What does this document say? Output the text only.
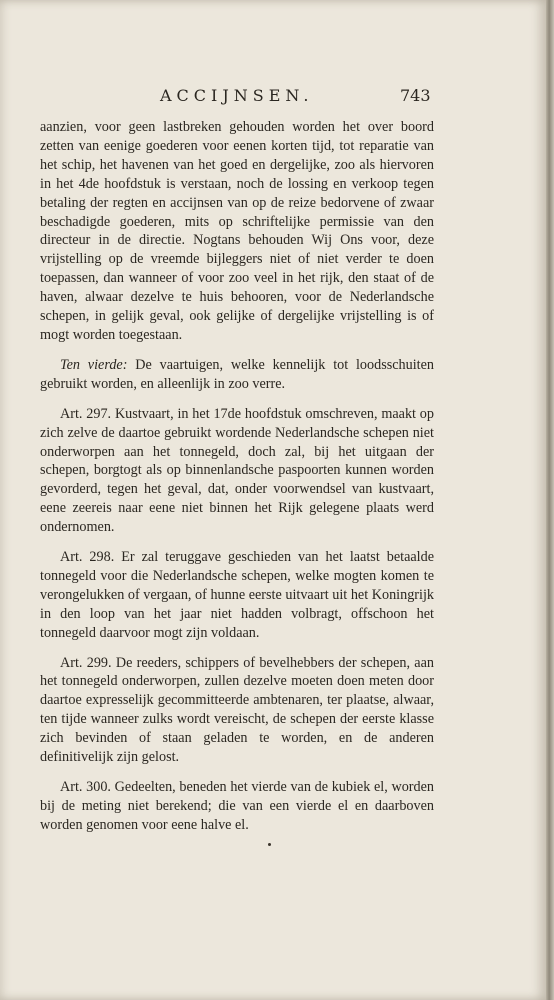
ACCIJNSEN.	743

aanzien, voor geen lastbreken gehouden worden het over boord zetten van eenige goederen voor eenen korten tijd, tot reparatie van het schip, het havenen van het goed en dergelijke, zoo als hiervoren in het 4de hoofdstuk is verstaan, noch de lossing en verkoop tegen betaling der regten en accijnsen van op de reize bedorvene of zwaar beschadigde goederen, mits op schriftelijke permissie van den directeur in de directie. Nogtans behouden Wij Ons voor, deze vrijstelling op de vreemde bijleggers niet of niet verder te doen toepassen, dan wanneer of voor zoo veel in het rijk, den staat of de haven, alwaar dezelve te huis behooren, voor de Nederlandsche schepen, in gelijk geval, ook gelijke of dergelijke vrijstelling is of mogt worden toegestaan.

Ten vierde: De vaartuigen, welke kennelijk tot loodsschuiten gebruikt worden, en alleenlijk in zoo verre.

Art. 297. Kustvaart, in het 17de hoofdstuk omschreven, maakt op zich zelve de daartoe gebruikt wordende Nederlandsche schepen niet onderworpen aan het tonnegeld, doch zal, bij het uitgaan der schepen, borgtogt als op binnenlandsche paspoorten kunnen worden gevorderd, tegen het geval, dat, onder voorwendsel van kustvaart, eene zeereis naar eene niet binnen het Rijk gelegene plaats werd ondernomen.

Art. 298. Er zal teruggave geschieden van het laatst betaalde tonnegeld voor die Nederlandsche schepen, welke mogten komen te verongelukken of vergaan, of hunne eerste uitvaart uit het Koningrijk in den loop van het jaar niet hadden volbragt, offschoon het tonnegeld daarvoor mogt zijn voldaan.

Art. 299. De reeders, schippers of bevelhebbers der schepen, aan het tonnegeld onderworpen, zullen dezelve moeten doen meten door daartoe expresselijk gecommitteerde ambtenaren, ter plaatse, alwaar, ten tijde wanneer zulks wordt vereischt, de schepen der eerste klasse zich bevinden of staan geladen te worden, en de anderen definitivelijk zijn gelost.

Art. 300. Gedeelten, beneden het vierde van de kubiek el, worden bij de meting niet berekend; die van een vierde el en daarboven worden genomen voor eene halve el.
